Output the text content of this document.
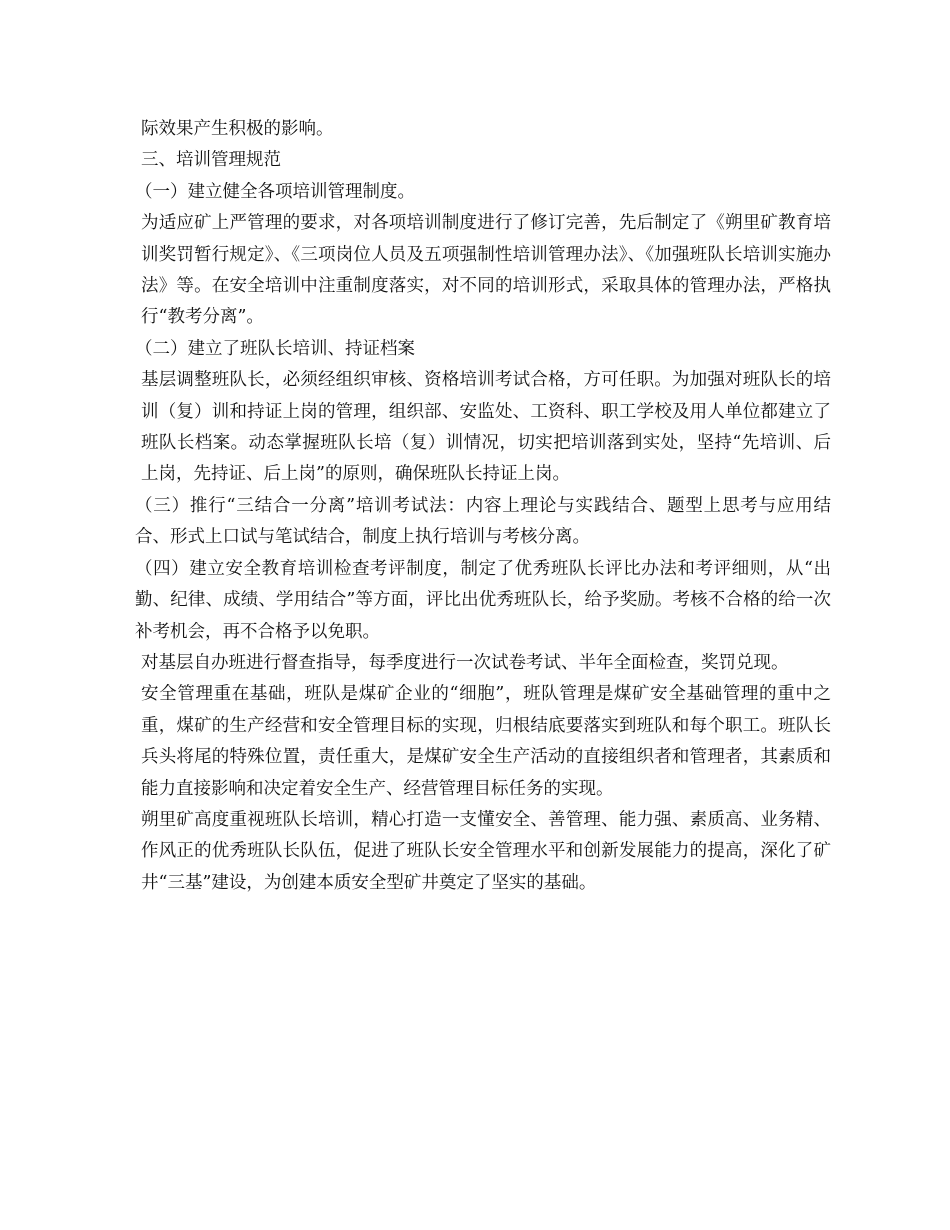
际效果产生积极的影响。

三、培训管理规范

（一）建立健全各项培训管理制度。

为适应矿上严管理的要求，对各项培训制度进行了修订完善，先后制定了《朔里矿教育培训奖罚暂行规定》、《三项岗位人员及五项强制性培训管理办法》、《加强班队长培训实施办法》等。在安全培训中注重制度落实，对不同的培训形式，采取具体的管理办法，严格执行“教考分离”。

（二）建立了班队长培训、持证档案

基层调整班队长，必须经组织审核、资格培训考试合格，方可任职。为加强对班队长的培训（复）训和持证上岗的管理，组织部、安监处、工资科、职工学校及用人单位都建立了班队长档案。动态掌握班队长培（复）训情况，切实把培训落到实处，坚持“先培训、后上岗，先持证、后上岗”的原则，确保班队长持证上岗。

（三）推行“三结合一分离”培训考试法：内容上理论与实践结合、题型上思考与应用结合、形式上口试与笔试结合，制度上执行培训与考核分离。

（四）建立安全教育培训检查考评制度，制定了优秀班队长评比办法和考评细则，从“出勤、纪律、成绩、学用结合”等方面，评比出优秀班队长，给予奖励。考核不合格的给一次补考机会，再不合格予以免职。

对基层自办班进行督查指导，每季度进行一次试卷考试、半年全面检查，奖罚兑现。

安全管理重在基础，班队是煤矿企业的“细胞”，班队管理是煤矿安全基础管理的重中之重，煤矿的生产经营和安全管理目标的实现，归根结底要落实到班队和每个职工。班队长兵头将尾的特殊位置，责任重大，是煤矿安全生产活动的直接组织者和管理者，其素质和能力直接影响和决定着安全生产、经营管理目标任务的实现。

朔里矿高度重视班队长培训，精心打造一支懂安全、善管理、能力强、素质高、业务精、作风正的优秀班队长队伍，促进了班队长安全管理水平和创新发展能力的提高，深化了矿井“三基”建设，为创建本质安全型矿井奠定了坚实的基础。
